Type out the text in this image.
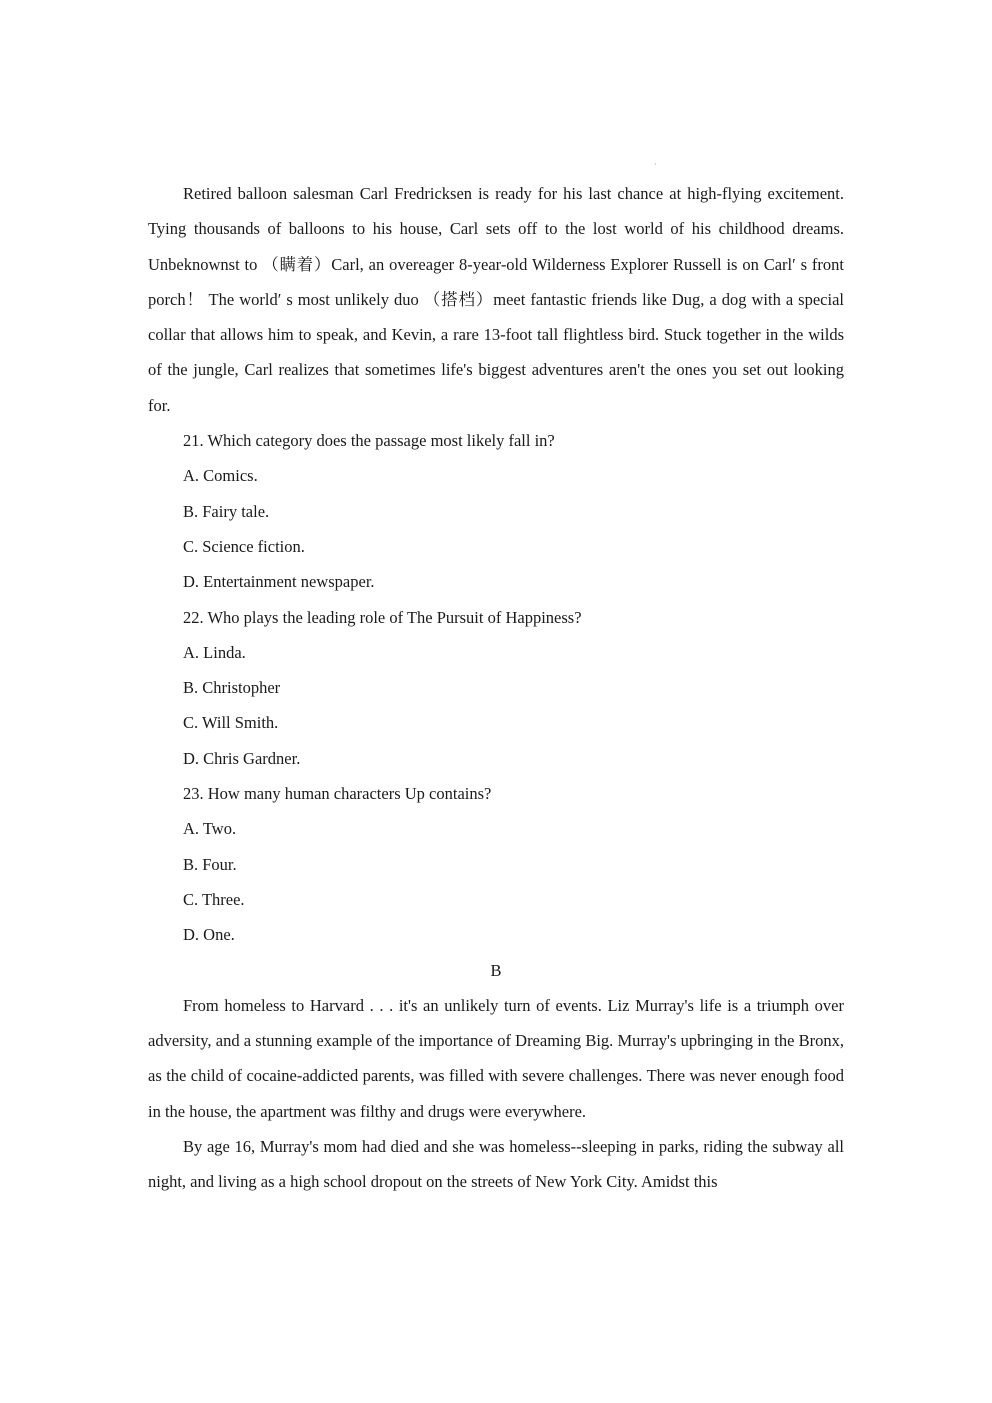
·

Retired balloon salesman Carl Fredricksen is ready for his last chance at high-flying excitement. Tying thousands of balloons to his house, Carl sets off to the lost world of his childhood dreams. Unbeknownst to （瞒着）Carl, an overeager 8-year-old Wilderness Explorer Russell is on Carl′ s front porch！ The world′ s most unlikely duo （搭档）meet fantastic friends like Dug, a dog with a special collar that allows him to speak, and Kevin, a rare 13-foot tall flightless bird. Stuck together in the wilds of the jungle, Carl realizes that sometimes life's biggest adventures aren't the ones you set out looking for.

21. Which category does the passage most likely fall in?

A. Comics.

B. Fairy tale.

C. Science fiction.

D. Entertainment newspaper.

22. Who plays the leading role of The Pursuit of Happiness?

A. Linda.

B. Christopher

C. Will Smith.

D. Chris Gardner.

23. How many human characters Up contains?

A. Two.

B. Four.

C. Three.

D. One.

B

From homeless to Harvard . . . it's an unlikely turn of events. Liz Murray's life is a triumph over adversity, and a stunning example of the importance of Dreaming Big. Murray's upbringing in the Bronx, as the child of cocaine-addicted parents, was filled with severe challenges. There was never enough food in the house, the apartment was filthy and drugs were everywhere.

By age 16, Murray's mom had died and she was homeless--sleeping in parks, riding the subway all night, and living as a high school dropout on the streets of New York City. Amidst this
